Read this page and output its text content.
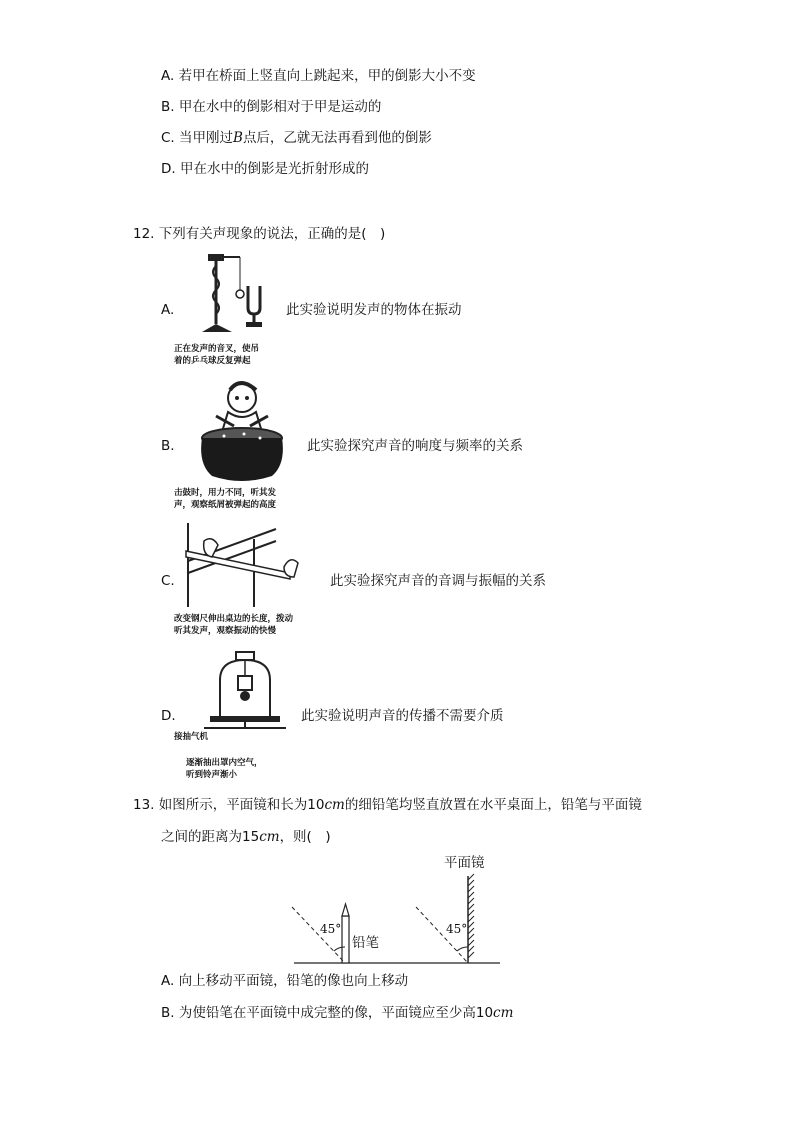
A. 若甲在桥面上竖直向上跳起来，甲的倒影大小不变
B. 甲在水中的倒影相对于甲是运动的
C. 当甲刚过B点后，乙就无法再看到他的倒影
D. 甲在水中的倒影是光折射形成的
12. 下列有关声现象的说法，正确的是(　)
A.
正在发声的音叉，使吊
着的乒乓球反复弹起
此实验说明发声的物体在振动
B.
击鼓时，用力不同，听其发
声，观察纸屑被弹起的高度
此实验探究声音的响度与频率的关系
C.
改变钢尺伸出桌边的长度，拨动
听其发声，观察振动的快慢
此实验探究声音的音调与振幅的关系
D.
接抽气机
逐渐抽出罩内空气，
听到铃声渐小
此实验说明声音的传播不需要介质
13. 如图所示，平面镜和长为10cm的细铅笔均竖直放置在水平桌面上，铅笔与平面镜
之间的距离为15cm，则(　)
平面镜
45°	45°
铅笔
A. 向上移动平面镜，铅笔的像也向上移动
B. 为使铅笔在平面镜中成完整的像，平面镜应至少高10cm
